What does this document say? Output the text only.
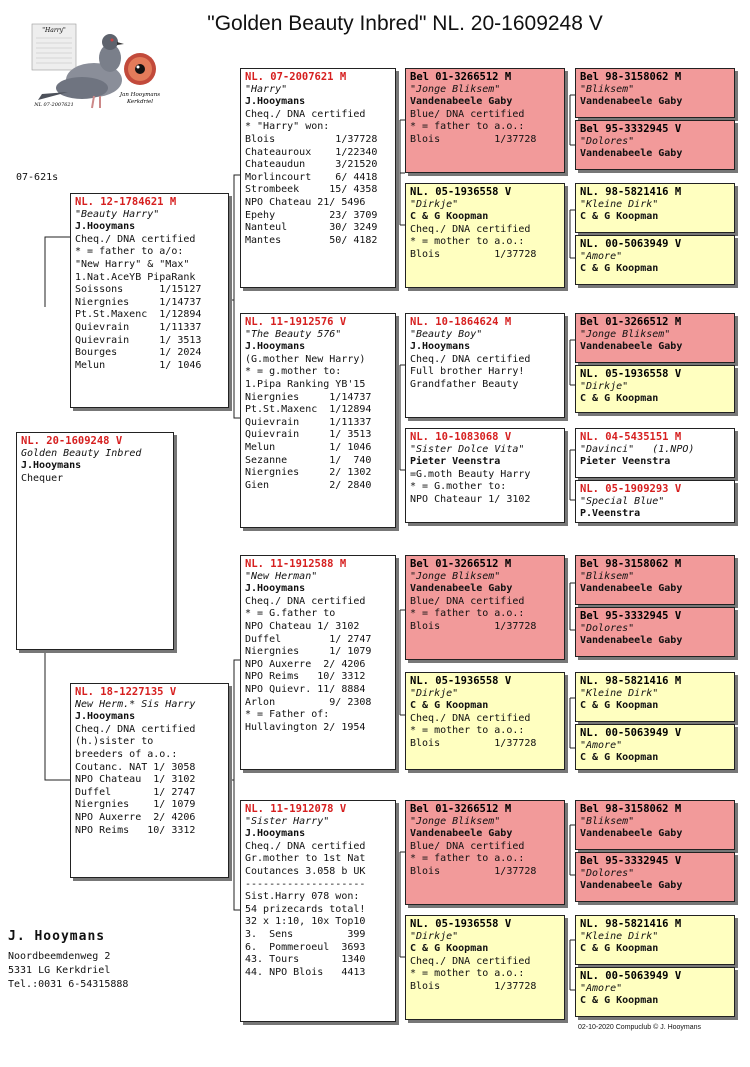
"Golden Beauty Inbred" NL. 20-1609248 V
"Harry"
NL 07-2007621
Jan Hooymans
Kerkdriel
07-621s
NL. 20-1609248 V
Golden Beauty Inbred
J.Hooymans
Chequer
NL. 12-1784621 M
"Beauty Harry"
J.Hooymans
Cheq./ DNA certified
* = father to a/o:
"New Harry" & "Max"
1.Nat.AceYB PipaRank
Soissons      1/15127
Niergnies     1/14737
Pt.St.Maxenc  1/12894
Quievrain     1/11337
Quievrain     1/ 3513
Bourges       1/ 2024
Melun         1/ 1046
NL. 18-1227135 V
New Herm.* Sis Harry
J.Hooymans
Cheq./ DNA certified
(h.)sister to
breeders of a.o.:
Coutanc. NAT 1/ 3058
NPO Chateau  1/ 3102
Duffel       1/ 2747
Niergnies    1/ 1079
NPO Auxerre  2/ 4206
NPO Reims   10/ 3312
NL. 07-2007621 M
"Harry"
J.Hooymans
Cheq./ DNA certified
* "Harry" won:
Blois          1/37728
Chateauroux    1/22340
Chateaudun     3/21520
Morlincourt    6/ 4418
Strombeek     15/ 4358
NPO Chateau 21/ 5496
Epehy         23/ 3709
Nanteul       30/ 3249
Mantes        50/ 4182
NL. 11-1912576 V
"The Beauty 576"
J.Hooymans
(G.mother New Harry)
* = g.mother to:
1.Pipa Ranking YB'15
Niergnies     1/14737
Pt.St.Maxenc  1/12894
Quievrain     1/11337
Quievrain     1/ 3513
Melun         1/ 1046
Sezanne       1/  740
Niergnies     2/ 1302
Gien          2/ 2840
NL. 11-1912588 M
"New Herman"
J.Hooymans
Cheq./ DNA certified
* = G.father to
NPO Chateau 1/ 3102
Duffel        1/ 2747
Niergnies     1/ 1079
NPO Auxerre  2/ 4206
NPO Reims   10/ 3312
NPO Quievr. 11/ 8884
Arlon         9/ 2308
* = Father of:
Hullavington 2/ 1954
NL. 11-1912078 V
"Sister Harry"
J.Hooymans
Cheq./ DNA certified
Gr.mother to 1st Nat
Coutances 3.058 b UK
--------------------
Sist.Harry 078 won:
54 prizecards total!
32 x 1:10, 10x Top10
3.  Sens         399
6.  Pommeroeul  3693
43. Tours       1340
44. NPO Blois   4413
Bel 01-3266512 M
"Jonge Bliksem"
Vandenabeele Gaby
Blue/ DNA certified
* = father to a.o.:
Blois         1/37728
NL. 05-1936558 V
"Dirkje"
C & G Koopman
Cheq./ DNA certified
* = mother to a.o.:
Blois         1/37728
NL. 10-1864624 M
"Beauty Boy"
J.Hooymans
Cheq./ DNA certified
Full brother Harry!
Grandfather Beauty
NL. 10-1083068 V
"Sister Dolce Vita"
Pieter Veenstra
=G.moth Beauty Harry
* = G.mother to:
NPO Chateaur 1/ 3102
Bel 01-3266512 M
"Jonge Bliksem"
Vandenabeele Gaby
Blue/ DNA certified
* = father to a.o.:
Blois         1/37728
NL. 05-1936558 V
"Dirkje"
C & G Koopman
Cheq./ DNA certified
* = mother to a.o.:
Blois         1/37728
Bel 01-3266512 M
"Jonge Bliksem"
Vandenabeele Gaby
Blue/ DNA certified
* = father to a.o.:
Blois         1/37728
NL. 05-1936558 V
"Dirkje"
C & G Koopman
Cheq./ DNA certified
* = mother to a.o.:
Blois         1/37728
Bel 98-3158062 M
"Bliksem"
Vandenabeele Gaby
Bel 95-3332945 V
"Dolores"
Vandenabeele Gaby
NL. 98-5821416 M
"Kleine Dirk"
C & G Koopman
NL. 00-5063949 V
"Amore"
C & G Koopman
Bel 01-3266512 M
"Jonge Bliksem"
Vandenabeele Gaby
NL. 05-1936558 V
"Dirkje"
C & G Koopman
NL. 04-5435151 M
"Davinci"   (1.NPO)
Pieter Veenstra
NL. 05-1909293 V
"Special Blue"
P.Veenstra
Bel 98-3158062 M
"Bliksem"
Vandenabeele Gaby
Bel 95-3332945 V
"Dolores"
Vandenabeele Gaby
NL. 98-5821416 M
"Kleine Dirk"
C & G Koopman
NL. 00-5063949 V
"Amore"
C & G Koopman
Bel 98-3158062 M
"Bliksem"
Vandenabeele Gaby
Bel 95-3332945 V
"Dolores"
Vandenabeele Gaby
NL. 98-5821416 M
"Kleine Dirk"
C & G Koopman
NL. 00-5063949 V
"Amore"
C & G Koopman
J. Hooymans
Noordbeemdenweg 2
5331 LG Kerkdriel
Tel.:0031 6-54315888
02-10-2020 Compuclub © J. Hooymans
